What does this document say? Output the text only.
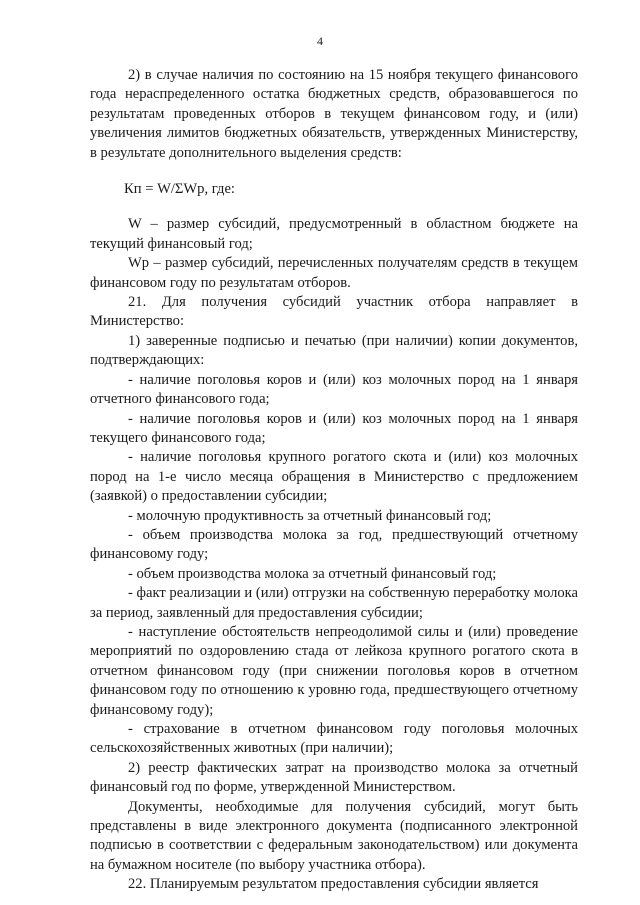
4

2) в случае наличия по состоянию на 15 ноября текущего финансового года нераспределенного остатка бюджетных средств, образовавшегося по результатам проведенных отборов в текущем финансовом году, и (или) увеличения лимитов бюджетных обязательств, утвержденных Министерству, в результате дополнительного выделения средств:

Кп = W/ΣWр, где:

W – размер субсидий, предусмотренный в областном бюджете на текущий финансовый год;

Wр – размер субсидий, перечисленных получателям средств в текущем финансовом году по результатам отборов.

21. Для получения субсидий участник отбора направляет в Министерство:

1) заверенные подписью и печатью (при наличии) копии документов, подтверждающих:

- наличие поголовья коров и (или) коз молочных пород на 1 января отчетного финансового года;

- наличие поголовья коров и (или) коз молочных пород на 1 января текущего финансового года;

- наличие поголовья крупного рогатого скота и (или) коз молочных пород на 1-е число месяца обращения в Министерство с предложением (заявкой) о предоставлении субсидии;

- молочную продуктивность за отчетный финансовый год;

- объем производства молока за год, предшествующий отчетному финансовому году;

- объем производства молока за отчетный финансовый год;

- факт реализации и (или) отгрузки на собственную переработку молока за период, заявленный для предоставления субсидии;

- наступление обстоятельств непреодолимой силы и (или) проведение мероприятий по оздоровлению стада от лейкоза крупного рогатого скота в отчетном финансовом году (при снижении поголовья коров в отчетном финансовом году по отношению к уровню года, предшествующего отчетному финансовому году);

- страхование в отчетном финансовом году поголовья молочных сельскохозяйственных животных (при наличии);

2) реестр фактических затрат на производство молока за отчетный финансовый год по форме, утвержденной Министерством.

Документы, необходимые для получения субсидий, могут быть представлены в виде электронного документа (подписанного электронной подписью в соответствии с федеральным законодательством) или документа на бумажном носителе (по выбору участника отбора).

22. Планируемым результатом предоставления субсидии является
